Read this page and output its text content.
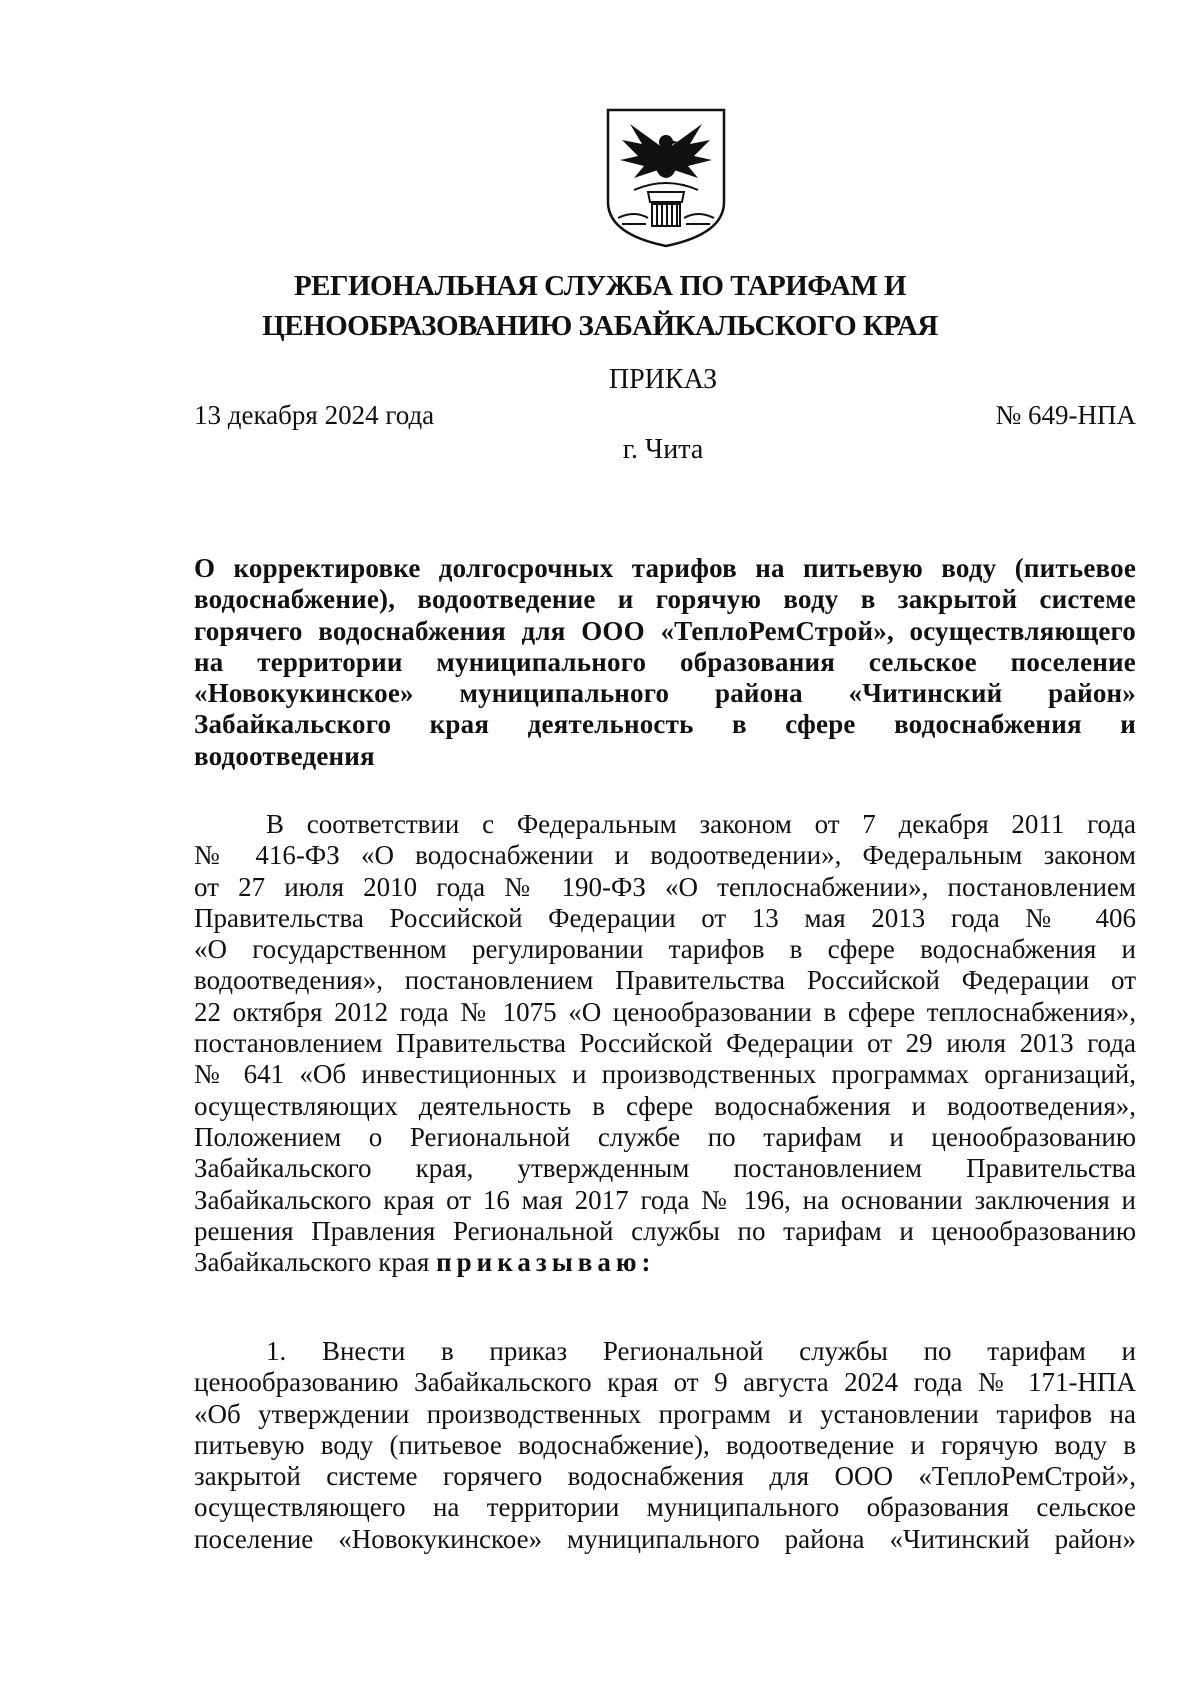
РЕГИОНАЛЬНАЯ СЛУЖБА ПО ТАРИФАМ И
ЦЕНООБРАЗОВАНИЮ ЗАБАЙКАЛЬСКОГО КРАЯ
ПРИКАЗ
13 декабря 2024 года	№ 649-НПА
г. Чита
О корректировке долгосрочных тарифов на питьевую воду (питьевое
водоснабжение), водоотведение и горячую воду в закрытой системе
горячего водоснабжения для ООО «ТеплоРемСтрой», осуществляющего
на территории муниципального образования сельское поселение
«Новокукинское» муниципального района «Читинский район»
Забайкальского края деятельность в сфере водоснабжения и
водоотведения
В соответствии с Федеральным законом от 7 декабря 2011 года
№ 416-ФЗ «О водоснабжении и водоотведении», Федеральным законом
от 27 июля 2010 года № 190-ФЗ «О теплоснабжении», постановлением
Правительства Российской Федерации от 13 мая 2013 года № 406
«О государственном регулировании тарифов в сфере водоснабжения и
водоотведения», постановлением Правительства Российской Федерации от
22 октября 2012 года № 1075 «О ценообразовании в сфере теплоснабжения»,
постановлением Правительства Российской Федерации от 29 июля 2013 года
№ 641 «Об инвестиционных и производственных программах организаций,
осуществляющих деятельность в сфере водоснабжения и водоотведения»,
Положением о Региональной службе по тарифам и ценообразованию
Забайкальского края, утвержденным постановлением Правительства
Забайкальского края от 16 мая 2017 года № 196, на основании заключения и
решения Правления Региональной службы по тарифам и ценообразованию
Забайкальского края приказываю:
1. Внести в приказ Региональной службы по тарифам и
ценообразованию Забайкальского края от 9 августа 2024 года № 171-НПА
«Об утверждении производственных программ и установлении тарифов на
питьевую воду (питьевое водоснабжение), водоотведение и горячую воду в
закрытой системе горячего водоснабжения для ООО «ТеплоРемСтрой»,
осуществляющего на территории муниципального образования сельское
поселение «Новокукинское» муниципального района «Читинский район»
